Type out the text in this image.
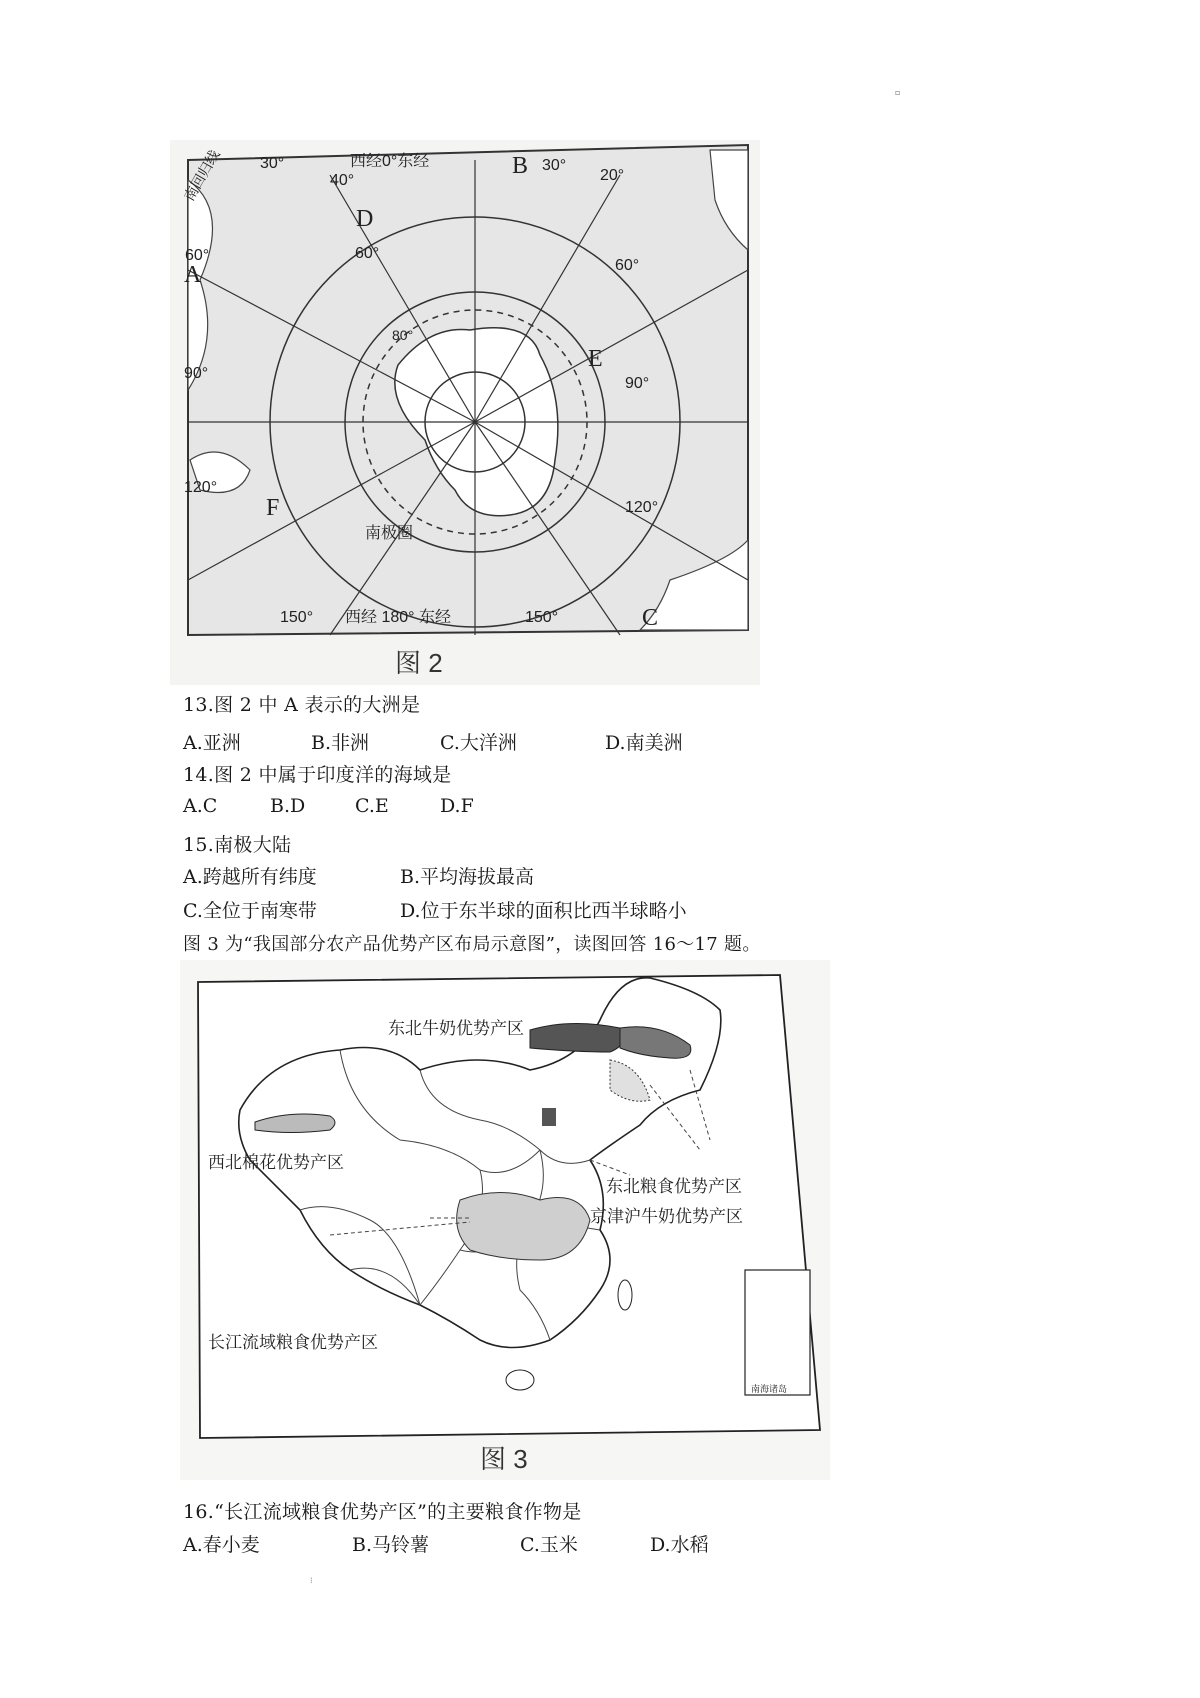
▫
⁝
西经0°东经
西经 180° 东经
南回归线
南极圈
40°
60°
80°
30°	30°
20°
60°
60°
90°
90°
120°
120°
150°	150°
A
B
C
D
E
F
图 2
13.图 2 中 A 表示的大洲是
A.亚洲	B.非洲	C.大洋洲	D.南美洲
14.图 2 中属于印度洋的海域是
A.C	B.D	C.E	D.F
15.南极大陆
A.跨越所有纬度	B.平均海拔最高
C.全位于南寒带	D.位于东半球的面积比西半球略小
图 3 为“我国部分农产品优势产区布局示意图”，读图回答 16～17 题。
南海诸岛
东北牛奶优势产区
西北棉花优势产区
东北粮食优势产区
京津沪牛奶优势产区
长江流域粮食优势产区
图 3
16.“长江流域粮食优势产区”的主要粮食作物是
A.春小麦	B.马铃薯	C.玉米	D.水稻
